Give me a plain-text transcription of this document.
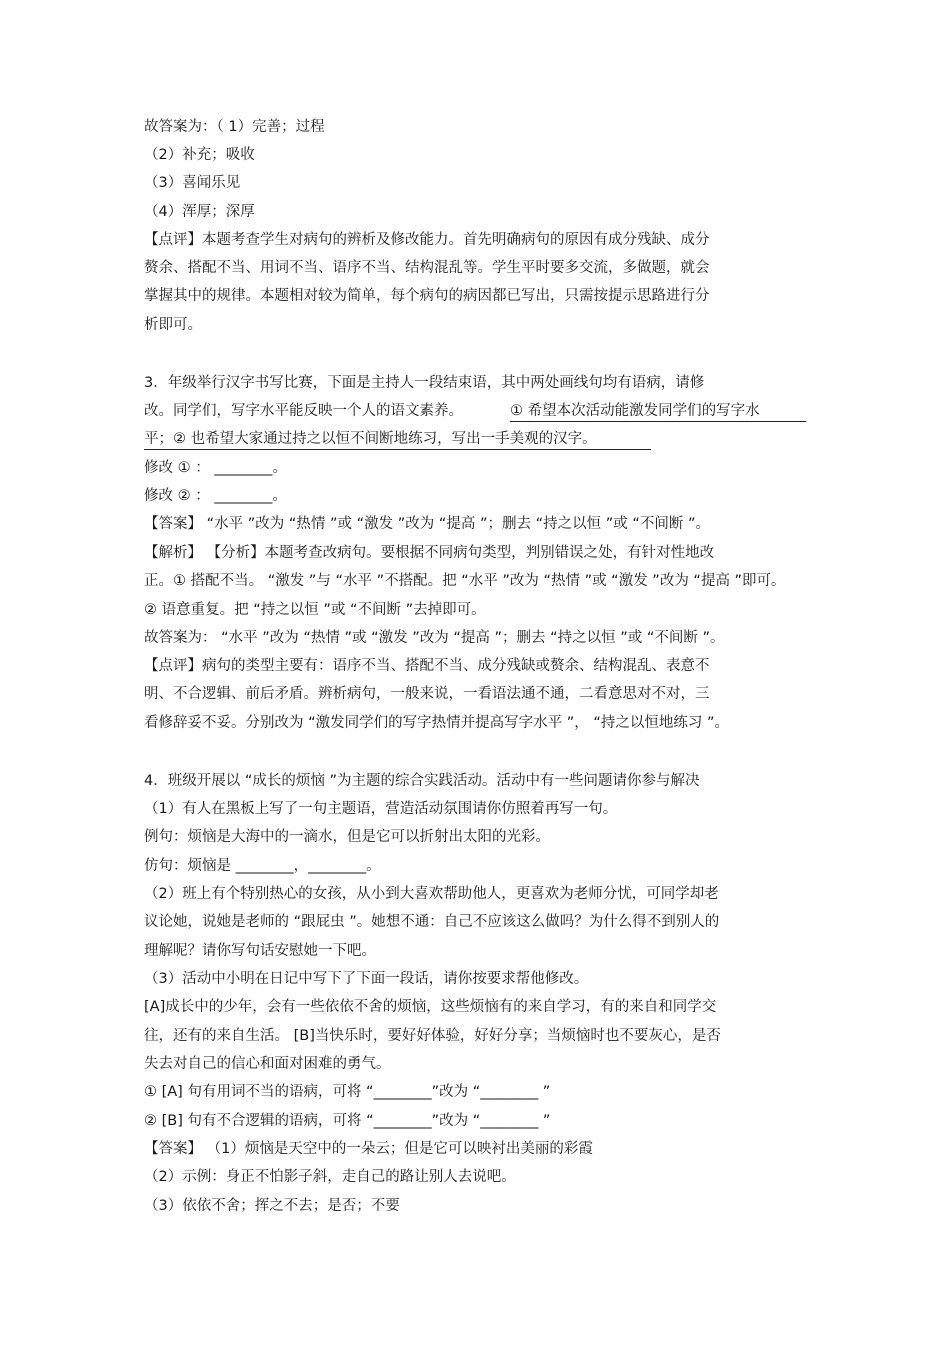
故答案为：（ 1）完善；过程
（2）补充；吸收
（3）喜闻乐见
（4）浑厚；深厚
【点评】本题考查学生对病句的辨析及修改能力。首先明确病句的原因有成分残缺、成分
赘余、搭配不当、用词不当、语序不当、结构混乱等。学生平时要多交流，多做题，就会
掌握其中的规律。本题相对较为简单，每个病句的病因都已写出，只需按提示思路进行分
析即可。
3．年级举行汉字书写比赛，下面是主持人一段结束语，其中两处画线句均有语病，请修
改。同学们，写字水平能反映一个人的语文素养。	① 希望本次活动能激发同学们的写字水
平；② 也希望大家通过持之以恒不间断地练习，写出一手美观的汉字。
修改 ① ： ________。
修改 ② ： ________。
【答案】 “水平 ”改为 “热情 ”或 “激发 ”改为 “提高 ”；删去 “持之以恒 ”或 “不间断 ”。
【解析】 【分析】本题考查改病句。要根据不同病句类型，判别错误之处，有针对性地改
正。① 搭配不当。 “激发 ”与 “水平 ”不搭配。把 “水平 ”改为 “热情 ”或 “激发 ”改为 “提高 ”即可。
② 语意重复。把 “持之以恒 ”或 “不间断 ”去掉即可。
故答案为： “水平 ”改为 “热情 ”或 “激发 ”改为 “提高 ”；删去 “持之以恒 ”或 “不间断 ”。
【点评】病句的类型主要有：语序不当、搭配不当、成分残缺或赘余、结构混乱、表意不
明、不合逻辑、前后矛盾。辨析病句，一般来说，一看语法通不通，二看意思对不对，三
看修辞妥不妥。分别改为 “激发同学们的写字热情并提高写字水平 ”， “持之以恒地练习 ”。
4．班级开展以 “成长的烦恼 ”为主题的综合实践活动。活动中有一些问题请你参与解决
（1）有人在黑板上写了一句主题语，营造活动氛围请你仿照着再写一句。
例句：烦恼是大海中的一滴水，但是它可以折射出太阳的光彩。
仿句：烦恼是 ________，________。
（2）班上有个特别热心的女孩，从小到大喜欢帮助他人，更喜欢为老师分忧，可同学却老
议论她，说她是老师的 “跟屁虫 ”。她想不通：自己不应该这么做吗？为什么得不到别人的
理解呢？请你写句话安慰她一下吧。
（3）活动中小明在日记中写下了下面一段话，请你按要求帮他修改。
[A]成长中的少年，会有一些依依不舍的烦恼，这些烦恼有的来自学习，有的来自和同学交
往，还有的来自生活。 [B]当快乐时，要好好体验，好好分享；当烦恼时也不要灰心，是否
失去对自己的信心和面对困难的勇气。
① [A] 句有用词不当的语病，可将 “________”改为 “________ ”
② [B] 句有不合逻辑的语病，可将 “________”改为 “________ ”
【答案】 （1）烦恼是天空中的一朵云；但是它可以映衬出美丽的彩霞
（2）示例：身正不怕影子斜，走自己的路让别人去说吧。
（3）依依不舍；挥之不去；是否；不要
